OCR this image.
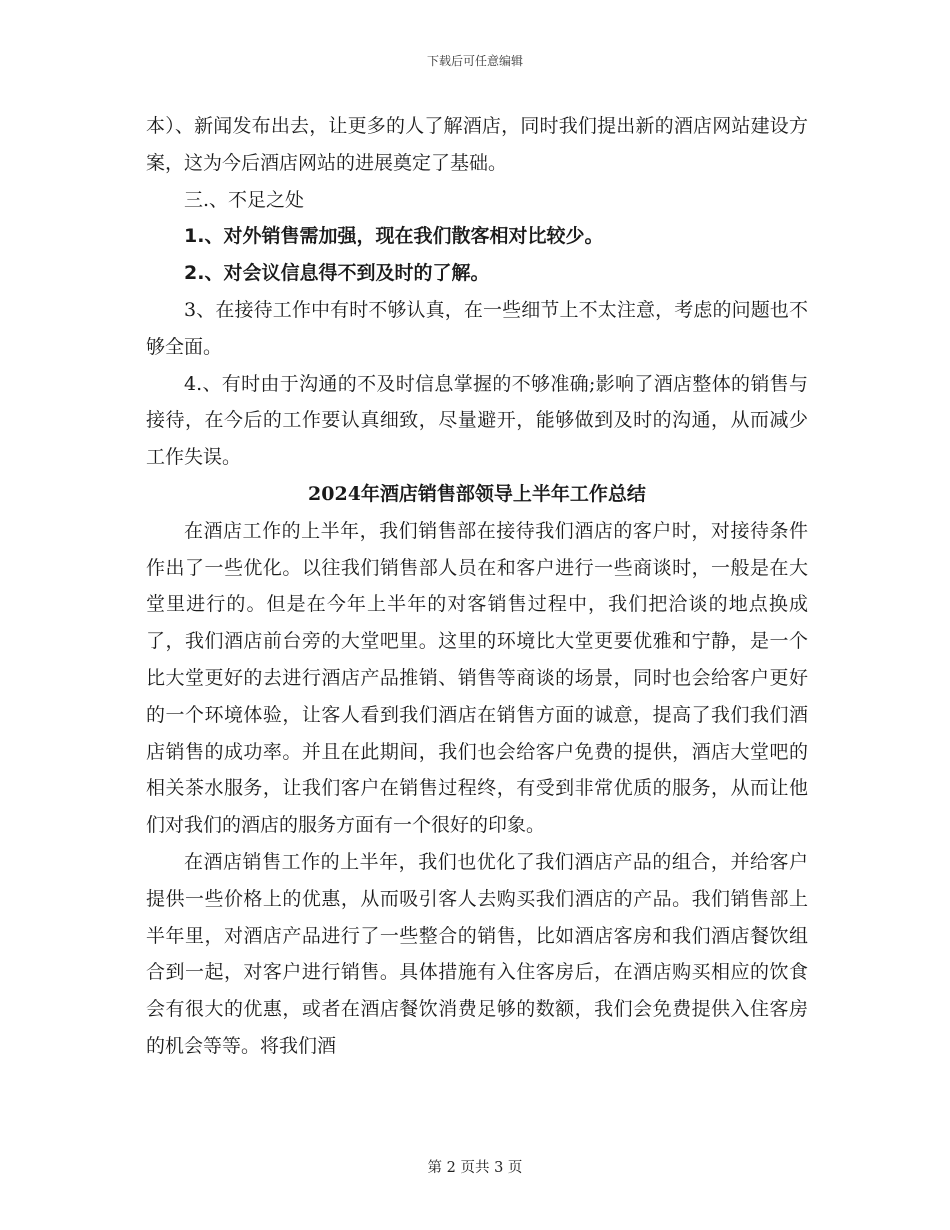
下载后可任意编辑

本）、新闻发布出去，让更多的人了解酒店，同时我们提出新的酒店网站建设方案，这为今后酒店网站的进展奠定了基础。

三.、不足之处

1.、对外销售需加强，现在我们散客相对比较少。

2.、对会议信息得不到及时的了解。

3、在接待工作中有时不够认真，在一些细节上不太注意，考虑的问题也不够全面。

4.、有时由于沟通的不及时信息掌握的不够准确;影响了酒店整体的销售与接待，在今后的工作要认真细致，尽量避开，能够做到及时的沟通，从而减少工作失误。

2024年酒店销售部领导上半年工作总结

在酒店工作的上半年，我们销售部在接待我们酒店的客户时，对接待条件作出了一些优化。以往我们销售部人员在和客户进行一些商谈时，一般是在大堂里进行的。但是在今年上半年的对客销售过程中，我们把洽谈的地点换成了，我们酒店前台旁的大堂吧里。这里的环境比大堂更要优雅和宁静，是一个比大堂更好的去进行酒店产品推销、销售等商谈的场景，同时也会给客户更好的一个环境体验，让客人看到我们酒店在销售方面的诚意，提高了我们我们酒店销售的成功率。并且在此期间，我们也会给客户免费的提供，酒店大堂吧的相关茶水服务，让我们客户在销售过程终，有受到非常优质的服务，从而让他们对我们的酒店的服务方面有一个很好的印象。

在酒店销售工作的上半年，我们也优化了我们酒店产品的组合，并给客户提供一些价格上的优惠，从而吸引客人去购买我们酒店的产品。我们销售部上半年里，对酒店产品进行了一些整合的销售，比如酒店客房和我们酒店餐饮组合到一起，对客户进行销售。具体措施有入住客房后，在酒店购买相应的饮食会有很大的优惠，或者在酒店餐饮消费足够的数额，我们会免费提供入住客房的机会等等。将我们酒

第 2 页共 3 页
